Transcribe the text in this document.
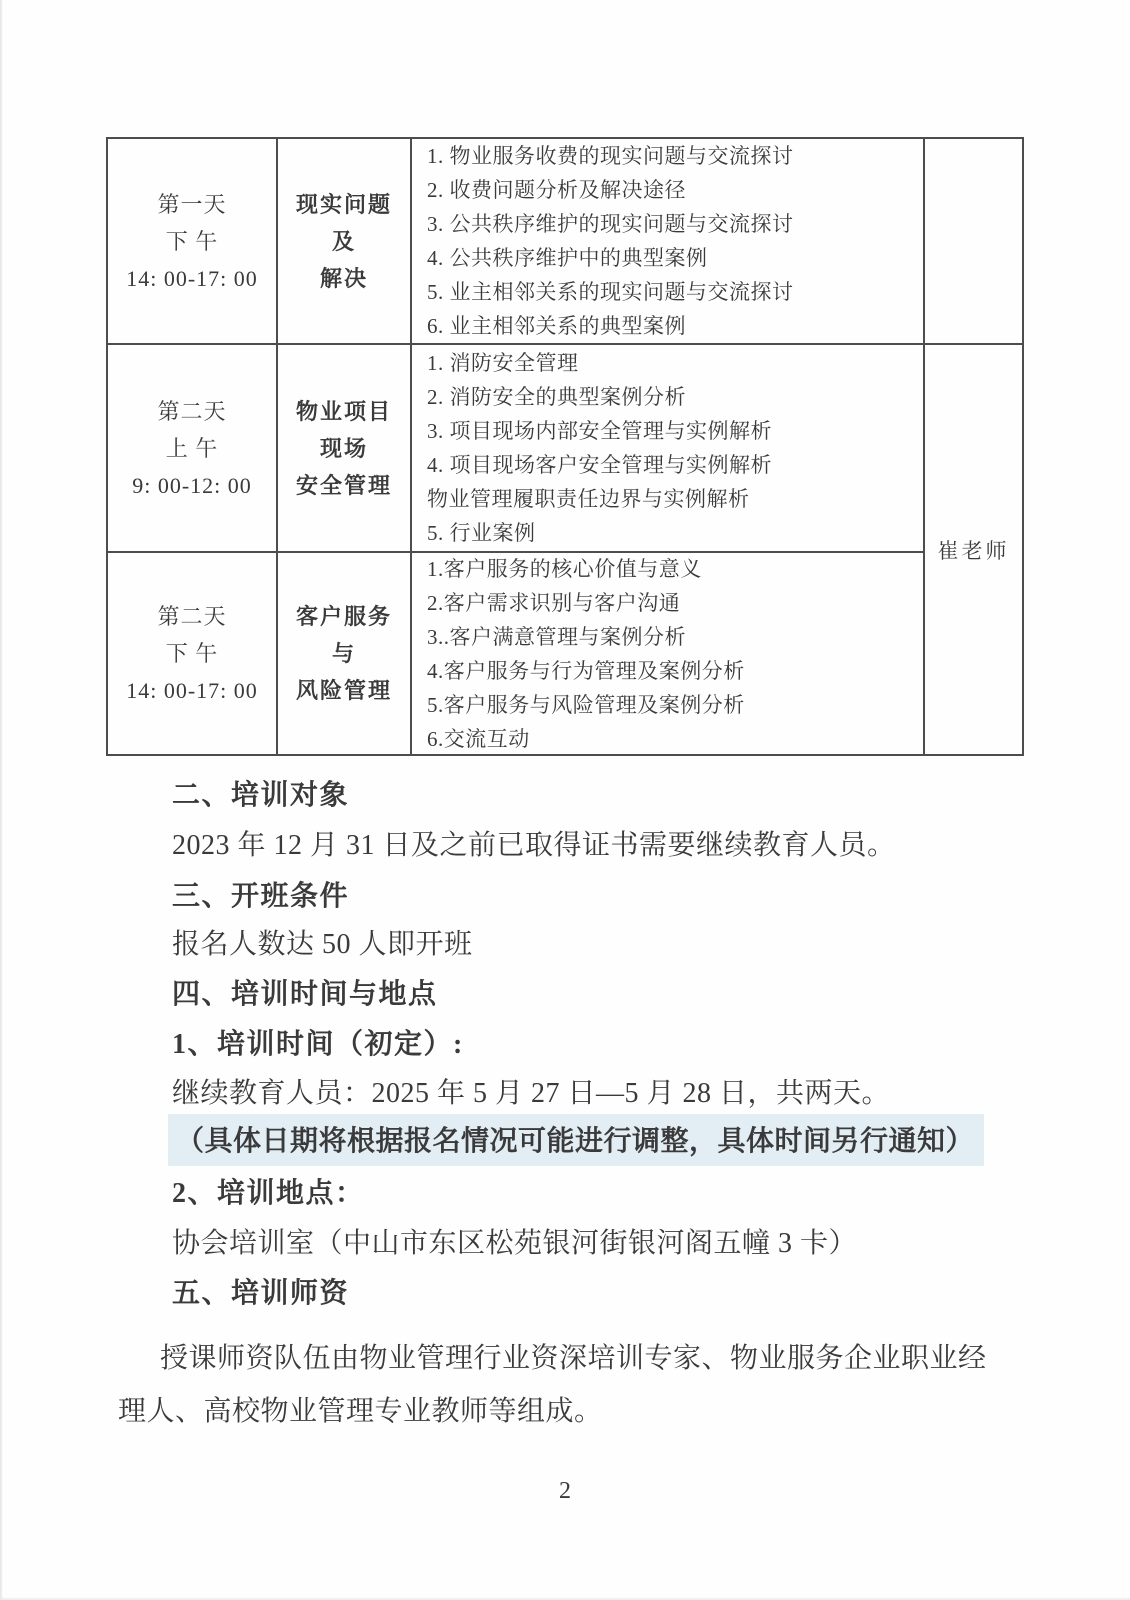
第一天
下 午
14: 00-17: 00
现实问题
及
解决
1. 物业服务收费的现实问题与交流探讨
2. 收费问题分析及解决途径
3. 公共秩序维护的现实问题与交流探讨
4. 公共秩序维护中的典型案例
5. 业主相邻关系的现实问题与交流探讨
6. 业主相邻关系的典型案例
第二天
上 午
9: 00-12: 00
物业项目
现场
安全管理
1. 消防安全管理
2. 消防安全的典型案例分析
3. 项目现场内部安全管理与实例解析
4. 项目现场客户安全管理与实例解析
物业管理履职责任边界与实例解析
5. 行业案例
崔老师
第二天
下 午
14: 00-17: 00
客户服务
与
风险管理
1.客户服务的核心价值与意义
2.客户需求识别与客户沟通
3..客户满意管理与案例分析
4.客户服务与行为管理及案例分析
5.客户服务与风险管理及案例分析
6.交流互动
二、培训对象
2023 年 12 月 31 日及之前已取得证书需要继续教育人员。
三、开班条件
报名人数达 50 人即开班
四、培训时间与地点
1、培训时间（初定）:
继续教育人员：2025 年 5 月 27 日—5 月 28 日，共两天。
（具体日期将根据报名情况可能进行调整，具体时间另行通知）
2、培训地点：
协会培训室（中山市东区松苑银河街银河阁五幢 3 卡）
五、培训师资
授课师资队伍由物业管理行业资深培训专家、物业服务企业职业经
理人、高校物业管理专业教师等组成。
2
